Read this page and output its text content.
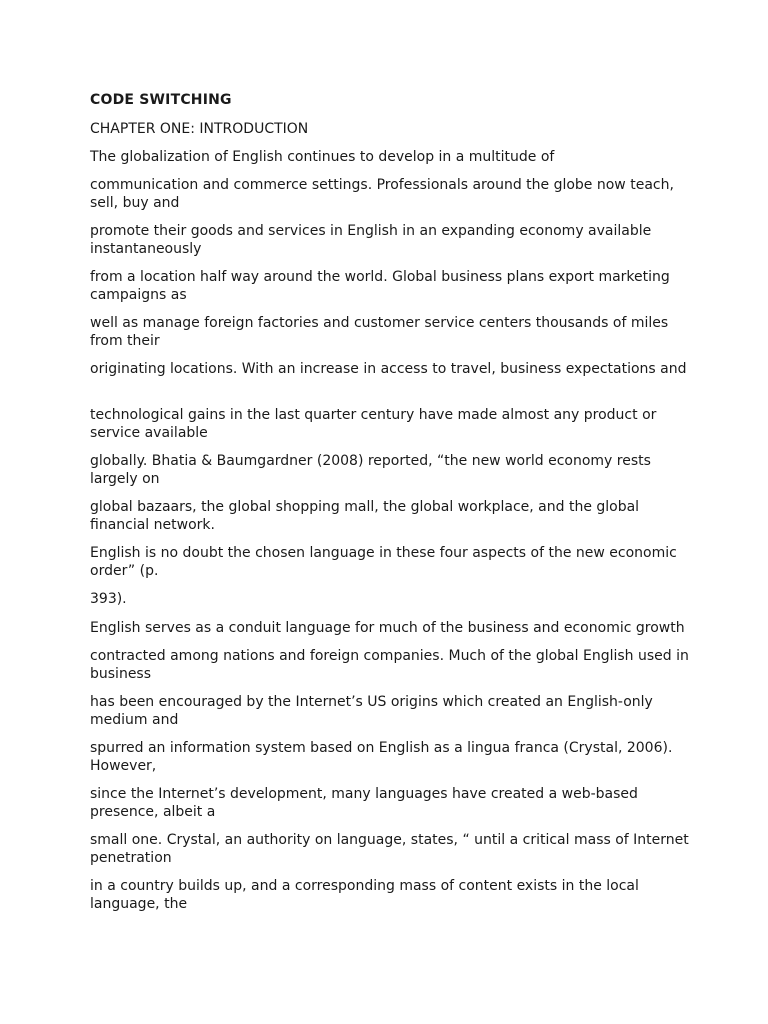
CODE SWITCHING

CHAPTER ONE: INTRODUCTION

The globalization of English continues to develop in a multitude of

communication and commerce settings. Professionals around the globe now teach, sell, buy and

promote their goods and services in English in an expanding economy available instantaneously

from a location half way around the world. Global business plans export marketing campaigns as

well as manage foreign factories and customer service centers thousands of miles from their

originating locations. With an increase in access to travel, business expectations and

technological gains in the last quarter century have made almost any product or service available

globally. Bhatia & Baumgardner (2008) reported, “the new world economy rests largely on

global bazaars, the global shopping mall, the global workplace, and the global financial network.

English is no doubt the chosen language in these four aspects of the new economic order” (p.

393).

English serves as a conduit language for much of the business and economic growth

contracted among nations and foreign companies. Much of the global English used in business

has been encouraged by the Internet’s US origins which created an English-only medium and

spurred an information system based on English as a lingua franca (Crystal, 2006). However,

since the Internet’s development, many languages have created a web-based presence, albeit a

small one. Crystal, an authority on language, states, “ until a critical mass of Internet penetration

in a country builds up, and a corresponding mass of content exists in the local language, the
